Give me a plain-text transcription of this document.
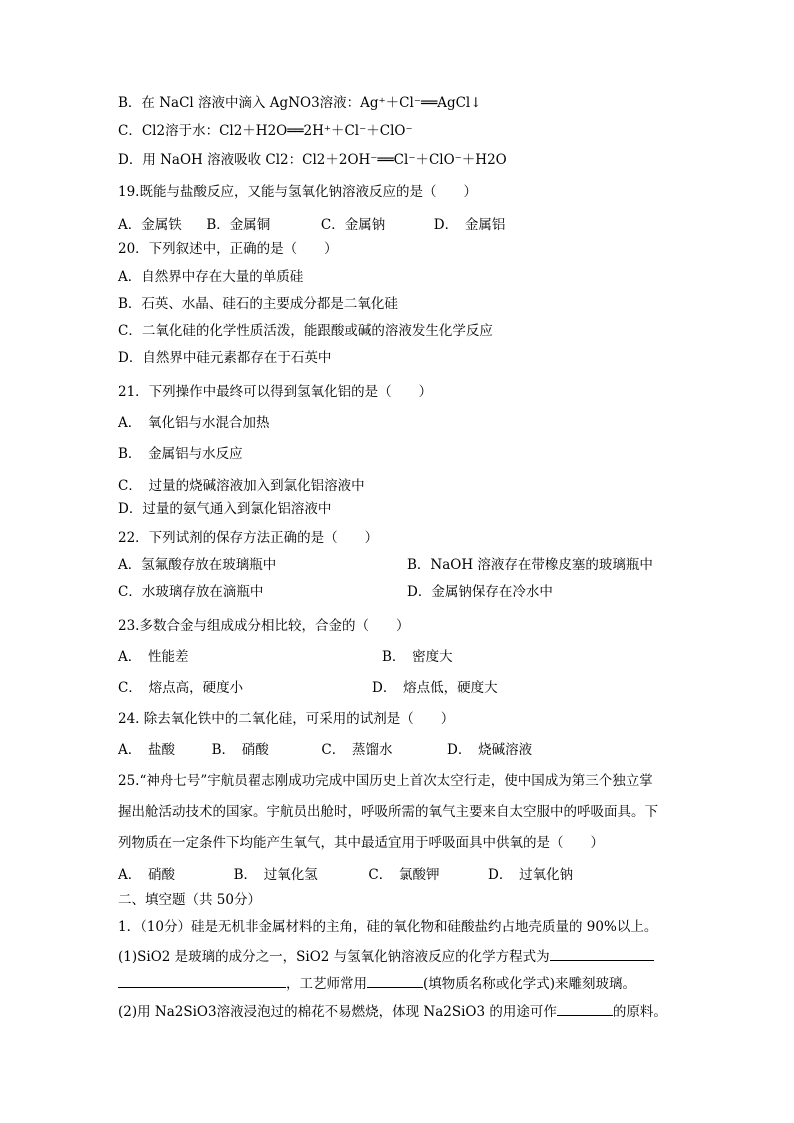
B．在 NaCl 溶液中滴入 AgNO3溶液：Ag⁺＋Cl⁻══AgCl↓
C．Cl2溶于水：Cl2＋H2O══2H⁺＋Cl⁻＋ClO⁻
D．用 NaOH 溶液吸收 Cl2：Cl2＋2OH⁻══Cl⁻＋ClO⁻＋H2O
19.既能与盐酸反应，又能与氢氧化钠溶液反应的是（　　）
A．金属铁 B．金属铜	C．金属钠	D．　金属铝
20．下列叙述中，正确的是（　　）
A．自然界中存在大量的单质硅
B．石英、水晶、硅石的主要成分都是二氧化硅
C．二氧化硅的化学性质活泼，能跟酸或碱的溶液发生化学反应
D．自然界中硅元素都存在于石英中
21．下列操作中最终可以得到氢氧化铝的是（　　）
A．　氧化铝与水混合加热
B．　金属铝与水反应
C．　过量的烧碱溶液加入到氯化铝溶液中
D．过量的氨气通入到氯化铝溶液中
22．下列试剂的保存方法正确的是（　　）
A．氢氟酸存放在玻璃瓶中	B．NaOH 溶液存在带橡皮塞的玻璃瓶中
C．水玻璃存放在滴瓶中	D．金属钠保存在冷水中
23.多数合金与组成成分相比较，合金的（　　）
A．　性能差	B．　密度大
C．　熔点高，硬度小	D．　熔点低，硬度大
24. 除去氧化铁中的二氧化硅，可采用的试剂是（　　）
A．　盐酸	B．　硝酸	C．　蒸馏水	D．　烧碱溶液
25.“神舟七号”宇航员翟志刚成功完成中国历史上首次太空行走，使中国成为第三个独立掌
握出舱活动技术的国家。宇航员出舱时，呼吸所需的氧气主要来自太空服中的呼吸面具。下
列物质在一定条件下均能产生氧气，其中最适宜用于呼吸面具中供氧的是（　　）
A．　硝酸	B．　过氧化氢	C．　氯酸钾	D．　过氧化钠
二、填空题（共 50分）
1．（10分）硅是无机非金属材料的主角，硅的氧化物和硅酸盐约占地壳质量的 90%以上。
(1)SiO2 是玻璃的成分之一，SiO2 与氢氧化钠溶液反应的化学方程式为
，工艺师常用	(填物质名称或化学式)来雕刻玻璃。
(2)用 Na2SiO3溶液浸泡过的棉花不易燃烧，体现 Na2SiO3 的用途可作	的原料。
